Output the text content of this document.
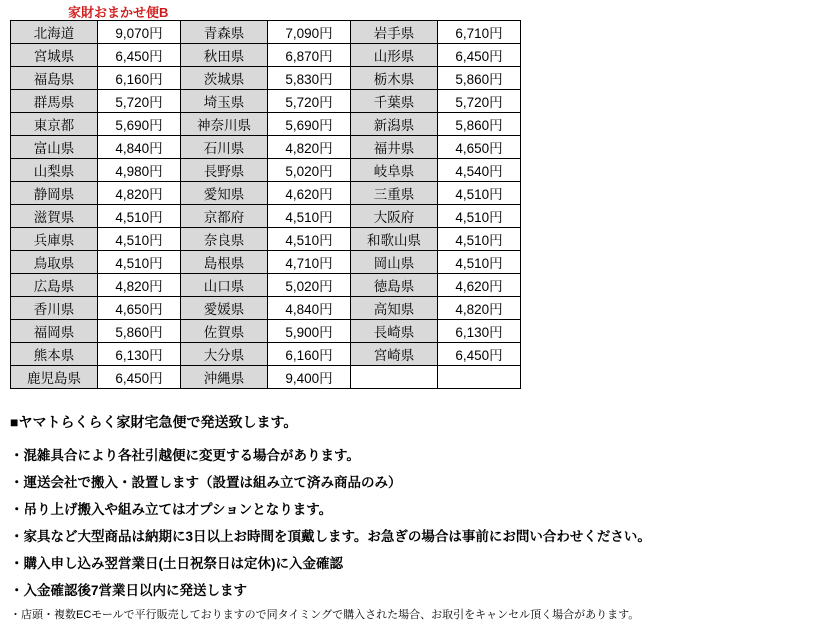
家財おまかせ便B
北海道	9,070円	青森県	7,090円	岩手県	6,710円
宮城県	6,450円	秋田県	6,870円	山形県	6,450円
福島県	6,160円	茨城県	5,830円	栃木県	5,860円
群馬県	5,720円	埼玉県	5,720円	千葉県	5,720円
東京都	5,690円	神奈川県	5,690円	新潟県	5,860円
富山県	4,840円	石川県	4,820円	福井県	4,650円
山梨県	4,980円	長野県	5,020円	岐阜県	4,540円
静岡県	4,820円	愛知県	4,620円	三重県	4,510円
滋賀県	4,510円	京都府	4,510円	大阪府	4,510円
兵庫県	4,510円	奈良県	4,510円	和歌山県	4,510円
鳥取県	4,510円	島根県	4,710円	岡山県	4,510円
広島県	4,820円	山口県	5,020円	徳島県	4,620円
香川県	4,650円	愛媛県	4,840円	高知県	4,820円
福岡県	5,860円	佐賀県	5,900円	長崎県	6,130円
熊本県	6,130円	大分県	6,160円	宮崎県	6,450円
鹿児島県	6,450円	沖縄県	9,400円		

■ヤマトらくらく家財宅急便で発送致します。

・混雑具合により各社引越便に変更する場合があります。

・運送会社で搬入・設置します（設置は組み立て済み商品のみ）

・吊り上げ搬入や組み立ては才プションとなります。

・家具など大型商品は納期に3日以上お時間を頂戴します。お急ぎの場合は事前にお問い合わせください。

・購入申し込み翌営業日(土日祝祭日は定休)に入金確認

・入金確認後7営業日以内に発送します

・店頭・複数ECモールで平行販売しておりますので同タイミングで購入された場合、お取引をキャンセル頂く場合があります。
